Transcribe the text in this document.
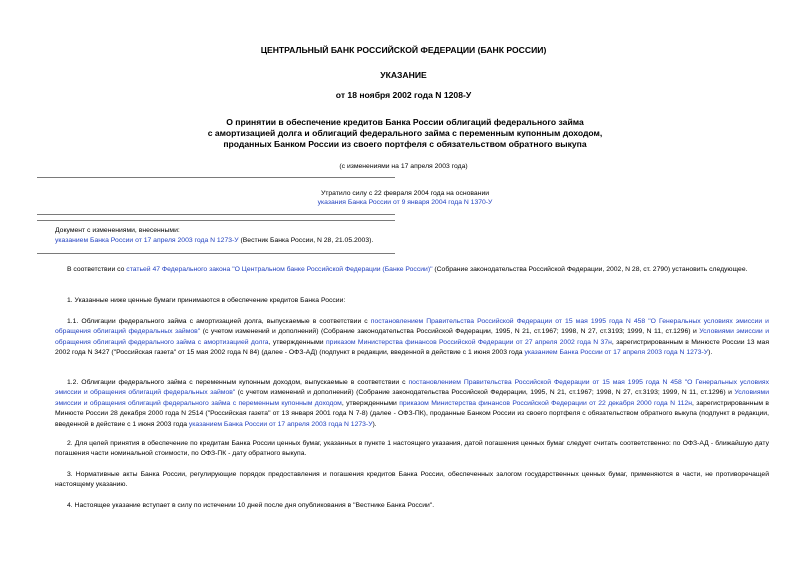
ЦЕНТРАЛЬНЫЙ БАНК РОССИЙСКОЙ ФЕДЕРАЦИИ (БАНК РОССИИ)
УКАЗАНИЕ
от 18 ноября 2002 года N 1208-У
О принятии в обеспечение кредитов Банка России облигаций федерального займа
с амортизацией долга и облигаций федерального займа с переменным купонным доходом,
проданных Банком России из своего портфеля с обязательством обратного выкупа
(с изменениями на 17 апреля 2003 года)
Утратило силу с 22 февраля 2004 года на основании
указания Банка России от 9 января 2004 года N 1370-У
Документ с изменениями, внесенными:
указанием Банка России от 17 апреля 2003 года N 1273-У (Вестник Банка России, N 28, 21.05.2003).
В соответствии со статьей 47 Федерального закона "О Центральном банке Российской Федерации (Банке России)" (Собрание законодательства Российской Федерации, 2002, N 28, ст. 2790) установить следующее.
1. Указанные ниже ценные бумаги принимаются в обеспечение кредитов Банка России:
1.1. Облигации федерального займа с амортизацией долга, выпускаемые в соответствии с постановлением Правительства Российской Федерации от 15 мая 1995 года N 458 "О Генеральных условиях эмиссии и обращения облигаций федеральных займов" (с учетом изменений и дополнений) (Собрание законодательства Российской Федерации, 1995, N 21, ст.1967; 1998, N 27, ст.3193; 1999, N 11, ст.1296) и Условиями эмиссии и обращения облигаций федерального займа с амортизацией долга, утвержденными приказом Министерства финансов Российской Федерации от 27 апреля 2002 года N 37н, зарегистрированным в Минюсте России 13 мая 2002 года N 3427 ("Российская газета" от 15 мая 2002 года N 84) (далее - ОФЗ-АД) (подпункт в редакции, введенной в действие с 1 июня 2003 года указанием Банка России от 17 апреля 2003 года N 1273-У).
1.2. Облигации федерального займа с переменным купонным доходом, выпускаемые в соответствии с постановлением Правительства Российской Федерации от 15 мая 1995 года N 458 "О Генеральных условиях эмиссии и обращения облигаций федеральных займов" (с учетом изменений и дополнений) (Собрание законодательства Российской Федерации, 1995, N 21, ст.1967; 1998, N 27, ст.3193; 1999, N 11, ст.1296) и Условиями эмиссии и обращения облигаций федерального займа с переменным купонным доходом, утвержденными приказом Министерства финансов Российской Федерации от 22 декабря 2000 года N 112н, зарегистрированным в Минюсте России 28 декабря 2000 года N 2514 ("Российская газета" от 13 января 2001 года N 7-8) (далее - ОФЗ-ПК), проданные Банком России из своего портфеля с обязательством обратного выкупа (подпункт в редакции, введенной в действие с 1 июня 2003 года указанием Банка России от 17 апреля 2003 года N 1273-У).
2. Для целей принятия в обеспечение по кредитам Банка России ценных бумаг, указанных в пункте 1 настоящего указания, датой погашения ценных бумаг следует считать соответственно: по ОФЗ-АД - ближайшую дату погашения части номинальной стоимости, по ОФЗ-ПК - дату обратного выкупа.
3. Нормативные акты Банка России, регулирующие порядок предоставления и погашения кредитов Банка России, обеспеченных залогом государственных ценных бумаг, применяются в части, не противоречащей настоящему указанию.
4. Настоящее указание вступает в силу по истечении 10 дней после дня опубликования в "Вестнике Банка России".
